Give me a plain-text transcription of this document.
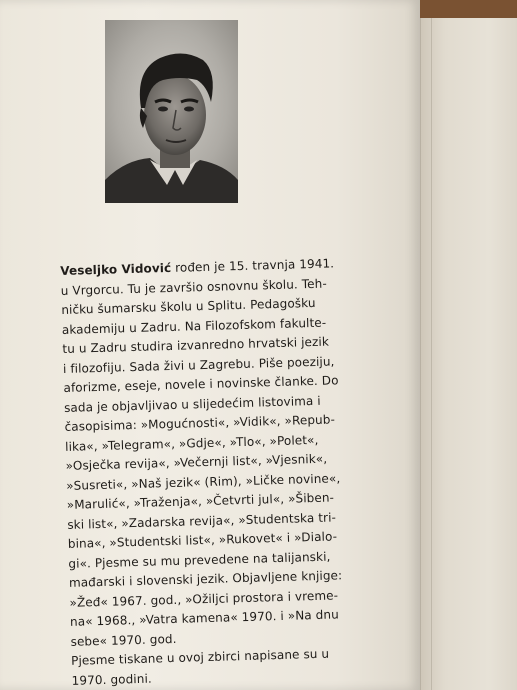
Veseljko Vidović rođen je 15. travnja 1941.
u Vrgorcu. Tu je završio osnovnu školu. Teh-
ničku šumarsku školu u Splitu. Pedagošku
akademiju u Zadru. Na Filozofskom fakulte-
tu u Zadru studira izvanredno hrvatski jezik
i filozofiju. Sada živi u Zagrebu. Piše poeziju,
aforizme, eseje, novele i novinske članke. Do
sada je objavljivao u slijedećim listovima i
časopisima: »Mogućnosti«, »Vidik«, »Repub-
lika«, »Telegram«, »Gdje«, »Tlo«, »Polet«,
»Osječka revija«, »Večernji list«, »Vjesnik«,
»Susreti«, »Naš jezik« (Rim), »Ličke novine«,
»Marulić«, »Traženja«, »Četvrti jul«, »Šiben-
ski list«, »Zadarska revija«, »Studentska tri-
bina«, »Studentski list«, »Rukovet« i »Dialo-
gi«. Pjesme su mu prevedene na talijanski,
mađarski i slovenski jezik. Objavljene knjige:
»Žeđ« 1967. god., »Ožiljci prostora i vreme-
na« 1968., »Vatra kamena« 1970. i »Na dnu
sebe« 1970. god.
Pjesme tiskane u ovoj zbirci napisane su u
1970. godini.
